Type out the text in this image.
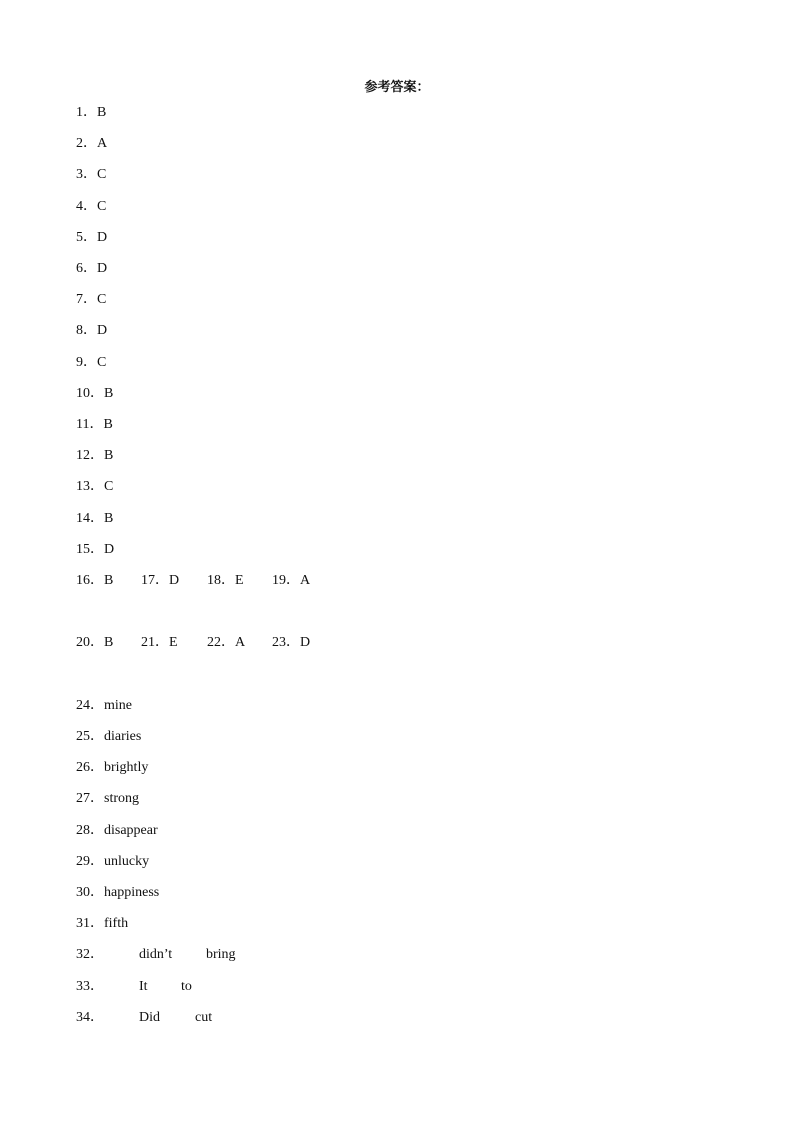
参考答案：
1．B
2．A
3．C
4．C
5．D
6．D
7．C
8．D
9．C
10．B
11．B
12．B
13．C
14．B
15．D
16．B 17．D 18．E 19．A
20．B 21．E 22．A 23．D
24．mine
25．diaries
26．brightly
27．strong
28．disappear
29．unlucky
30．happiness
31．fifth
32．	didn’t bring
33．	It to
34．	Did	cut
